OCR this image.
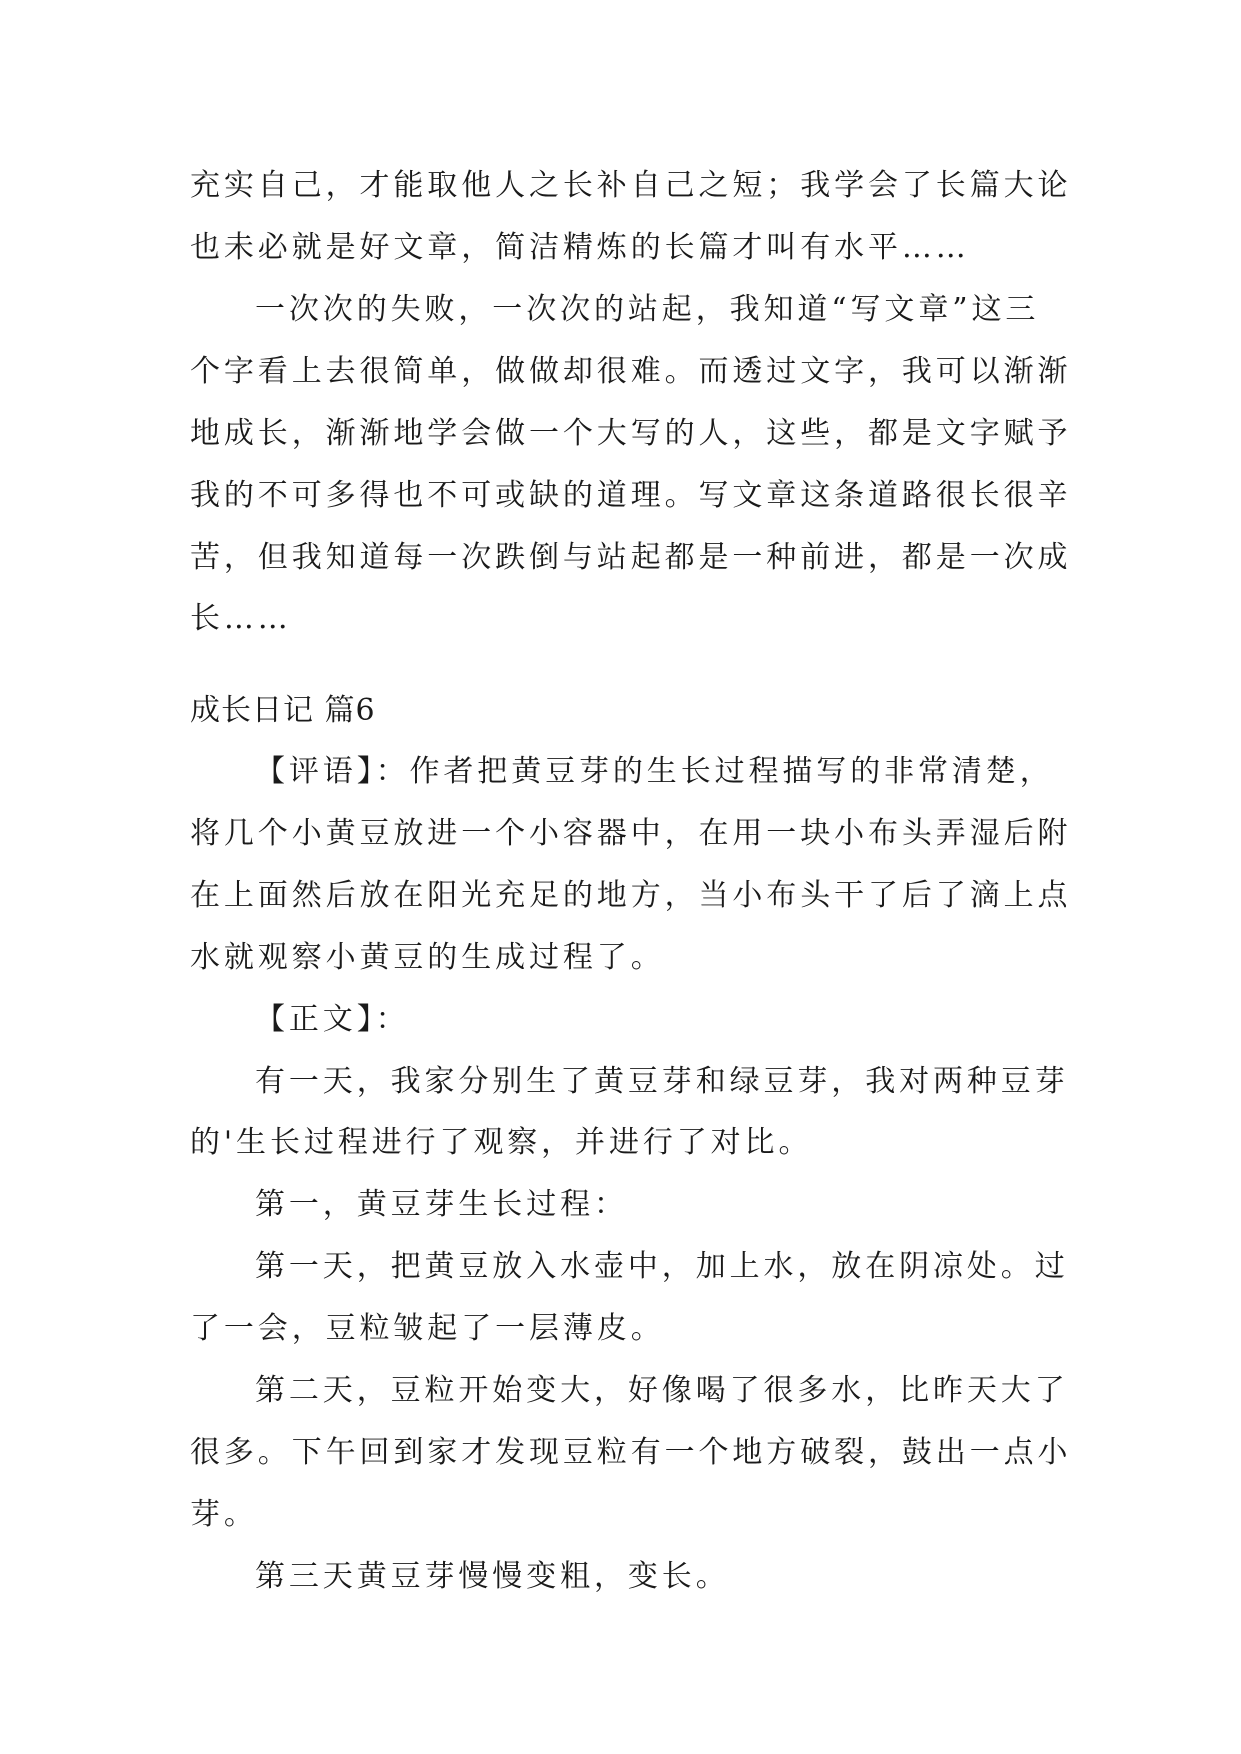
充实自己，才能取他人之长补自己之短；我学会了长篇大论
也未必就是好文章，简洁精炼的长篇才叫有水平……
一次次的失败，一次次的站起，我知道“写文章”这三
个字看上去很简单，做做却很难。而透过文字，我可以渐渐
地成长，渐渐地学会做一个大写的人，这些，都是文字赋予
我的不可多得也不可或缺的道理。写文章这条道路很长很辛
苦，但我知道每一次跌倒与站起都是一种前进，都是一次成
长……
成长日记 篇6
【评语】：作者把黄豆芽的生长过程描写的非常清楚，
将几个小黄豆放进一个小容器中，在用一块小布头弄湿后附
在上面然后放在阳光充足的地方，当小布头干了后了滴上点
水就观察小黄豆的生成过程了。
【正文】：
有一天，我家分别生了黄豆芽和绿豆芽，我对两种豆芽
的'生长过程进行了观察，并进行了对比。
第一，黄豆芽生长过程：
第一天，把黄豆放入水壶中，加上水，放在阴凉处。过
了一会，豆粒皱起了一层薄皮。
第二天，豆粒开始变大，好像喝了很多水，比昨天大了
很多。下午回到家才发现豆粒有一个地方破裂，鼓出一点小
芽。
第三天黄豆芽慢慢变粗，变长。
